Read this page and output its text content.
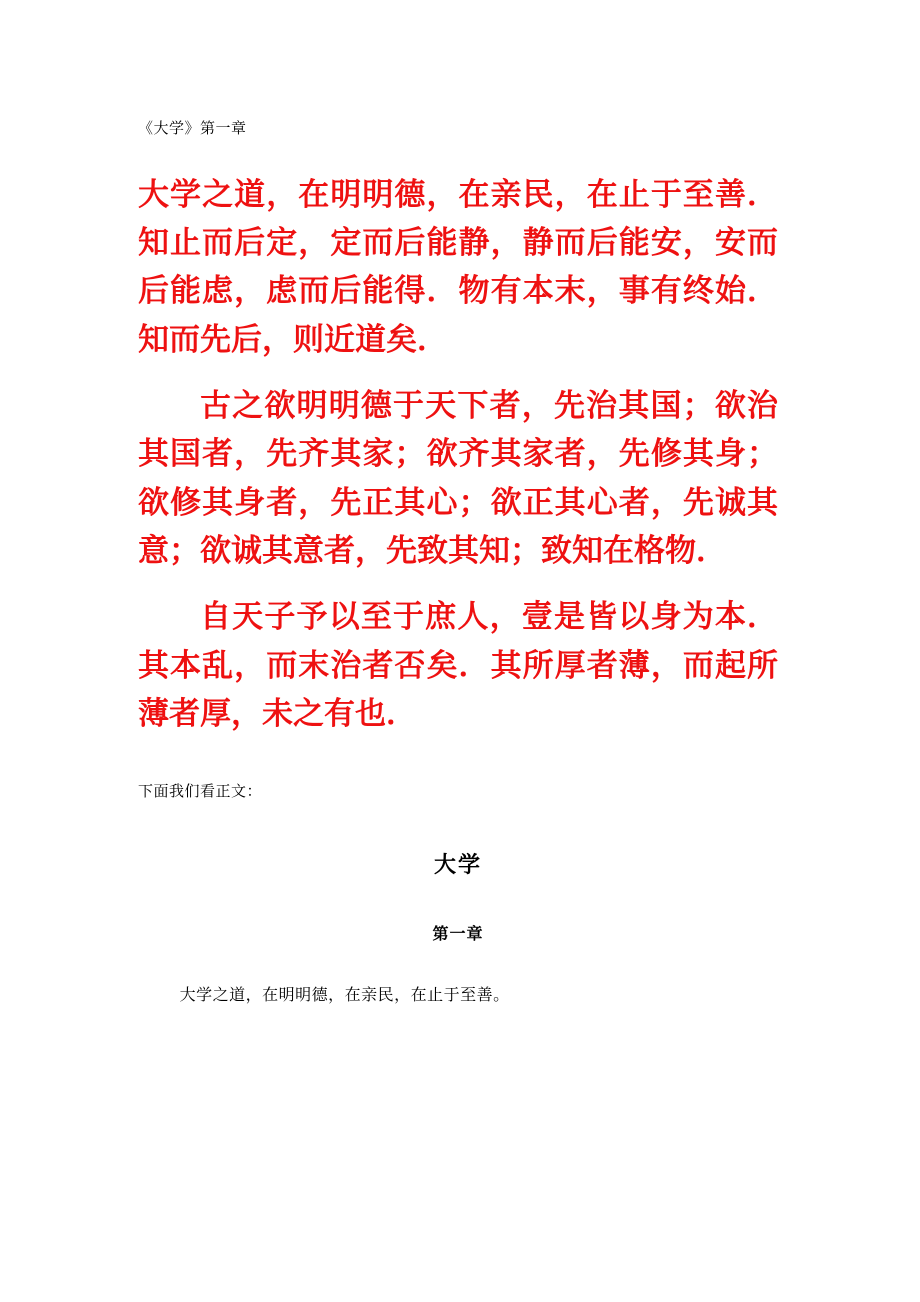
《大学》第一章

大学之道，在明明德，在亲民，在止于至善．知止而后定，定而后能静，静而后能安，安而后能虑，虑而后能得．物有本末，事有终始．知而先后，则近道矣．

古之欲明明德于天下者，先治其国；欲治其国者，先齐其家；欲齐其家者，先修其身；欲修其身者，先正其心；欲正其心者，先诚其意；欲诚其意者，先致其知；致知在格物．

自天子予以至于庶人，壹是皆以身为本．其本乱，而末治者否矣．其所厚者薄，而起所薄者厚，未之有也．

下面我们看正文：

大学
第一章

大学之道，在明明德，在亲民，在止于至善。
